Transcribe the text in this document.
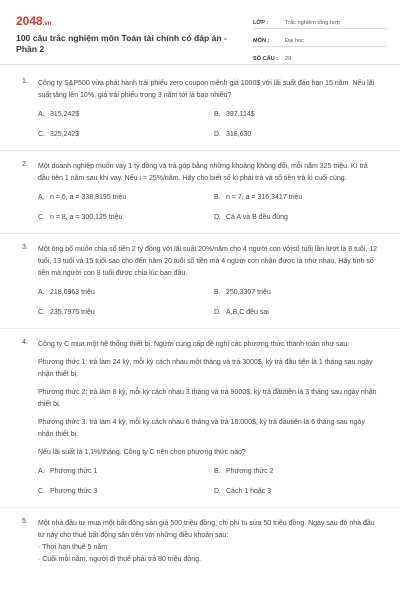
2048.vn
100 câu trắc nghiệm môn Toán tài chính có đáp án - Phần 2
LỚP :	Trắc nghiệm tổng hợp
MÔN :	Đại học
SỐ CÂU :	29
1. Công ty S&P500 vừa phát hành trái phiếu zero coupon mệnh giá 1000$ với lãi suất đáo hạn 15 năm. Nếu lãi suất tăng lên 10%, giá trái phiếu trong 3 năm tới là bao nhiêu?
A. 315,242$	B. 397,114$
C. 325,242$	D. 318,630
2. Một doanh nghiệp muốn vay 1 tỷ đồng và trả góp bằng những khoảng không đổi, mỗi năm 325 triệu. Kì trả đầu tiên 1 năm sau khi vay. Nếu i = 25%/năm. Hãy cho biết số kì phải trả và số tiền trả kì cuối cùng.
A. n = 6, a = 338,8195 triệu	B. n = 7, a = 316,3417 triệu
C. n = 8, a = 300,125 triệu	D. Cả A và B đều đúng
3. Một ông bố muốn chia số tiền 2 tỷ đồng với lãi suất 20%/năm cho 4 người con vớisố tuổi lần lượt là 8 tuổi, 12 tuổi, 13 tuổi và 15 tuổi sao cho đến năm 20 tuổi số tiền mà 4 người con nhận được là như nhau. Hãy tính số tiền mà người con 8 tuổi được chia lúc ban đầu.
A. 218,6963 triệu	B. 250,3307 triệu
C. 235,7975 triệu	D. A,B,C đều sai
4. Công ty C mua một hệ thống thiết bị. Người cung cấp đề nghị các phương thức thanh toán như sau:
Phương thức 1: trả làm 24 kỳ, mỗi kỳ cách nhau một tháng và trả 3000$, kỳ trả đầu tiên là 1 tháng sau ngày nhận thiết bị.
Phương thức 2: trả làm 8 kỳ, mỗi kỳ cách nhau 3 tháng và trả 9000$, kỳ trả đầutiên là 3 tháng sau ngày nhận thiết bị.
Phương thức 3: trả làm 4 kỳ, mỗi kỳ cách nhau 6 tháng và trả 18.000$, kỳ trả đầutiên là 6 tháng sau ngày nhận thiết bị.
Nếu lãi suất là 1,1%/tháng. Công ty C nên chọn phương thức nào?
A. Phương thức 1	B. Phương thức 2
C. Phương thức 3	D. Cách 1 hoặc 3
5. Một nhà đầu tư mua một bất động sản giá 500 triệu đồng, chi phí tu sửa 50 triệu đồng. Ngay sau đó nhà đầu tư này cho thuê bất động sản trên với những điều khoản sau:
· Thời hạn thuê 5 năm
· Cuối mỗi năm, người đi thuê phải trả 80 triệu đồng.
